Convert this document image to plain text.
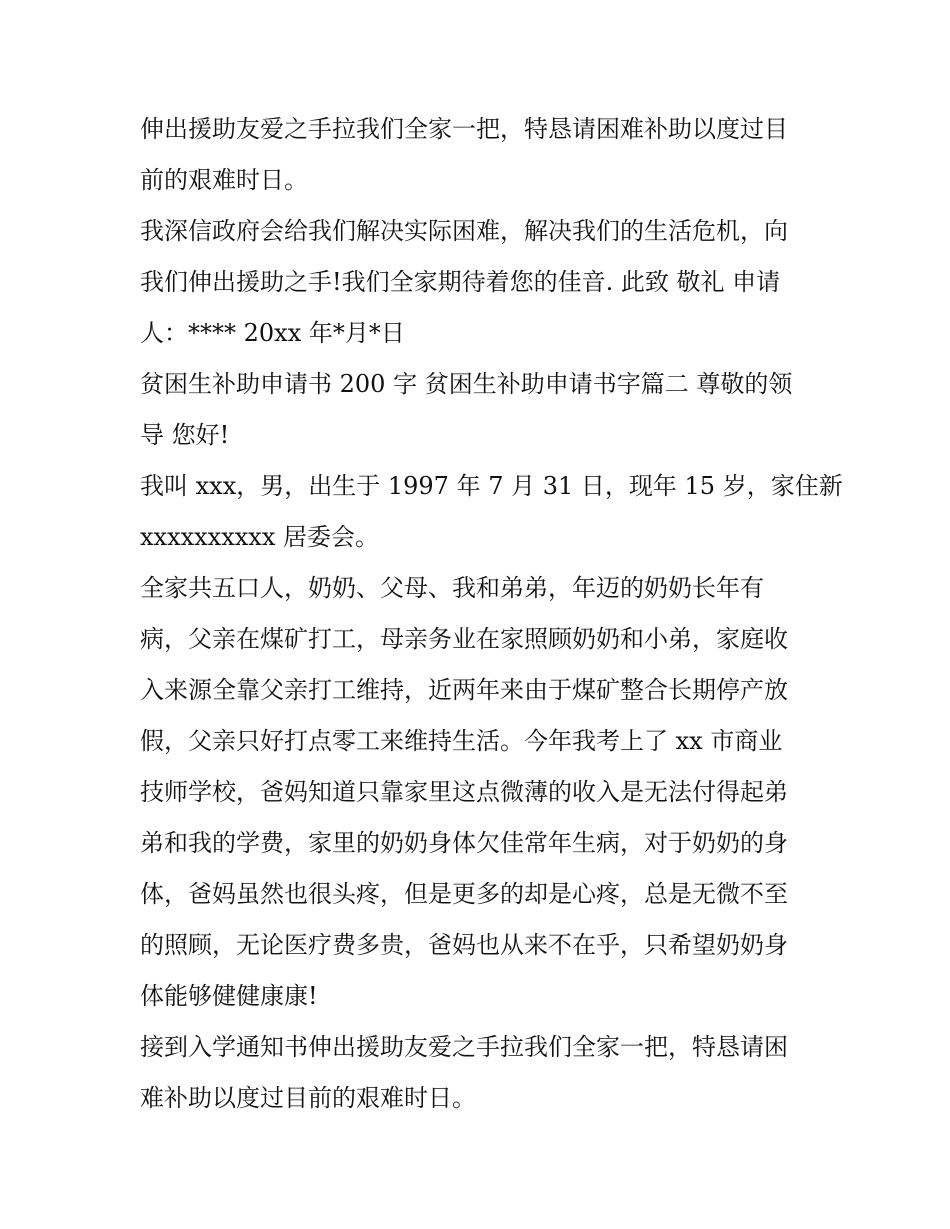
伸出援助友爱之手拉我们全家一把，特恳请困难补助以度过目
前的艰难时日。
我深信政府会给我们解决实际困难，解决我们的生活危机，向
我们伸出援助之手!我们全家期待着您的佳音. 此致 敬礼 申请
人：**** 20xx 年*月*日
贫困生补助申请书 200 字 贫困生补助申请书字篇二 尊敬的领
导 您好!
我叫 xxx，男，出生于 1997 年 7 月 31 日，现年 15 岁，家住新
xxxxxxxxxx 居委会。
全家共五口人，奶奶、父母、我和弟弟，年迈的奶奶长年有
病，父亲在煤矿打工，母亲务业在家照顾奶奶和小弟，家庭收
入来源全靠父亲打工维持，近两年来由于煤矿整合长期停产放
假，父亲只好打点零工来维持生活。今年我考上了 xx 市商业
技师学校，爸妈知道只靠家里这点微薄的收入是无法付得起弟
弟和我的学费，家里的奶奶身体欠佳常年生病，对于奶奶的身
体，爸妈虽然也很头疼，但是更多的却是心疼，总是无微不至
的照顾，无论医疗费多贵，爸妈也从来不在乎，只希望奶奶身
体能够健健康康!
接到入学通知书伸出援助友爱之手拉我们全家一把，特恳请困
难补助以度过目前的艰难时日。
